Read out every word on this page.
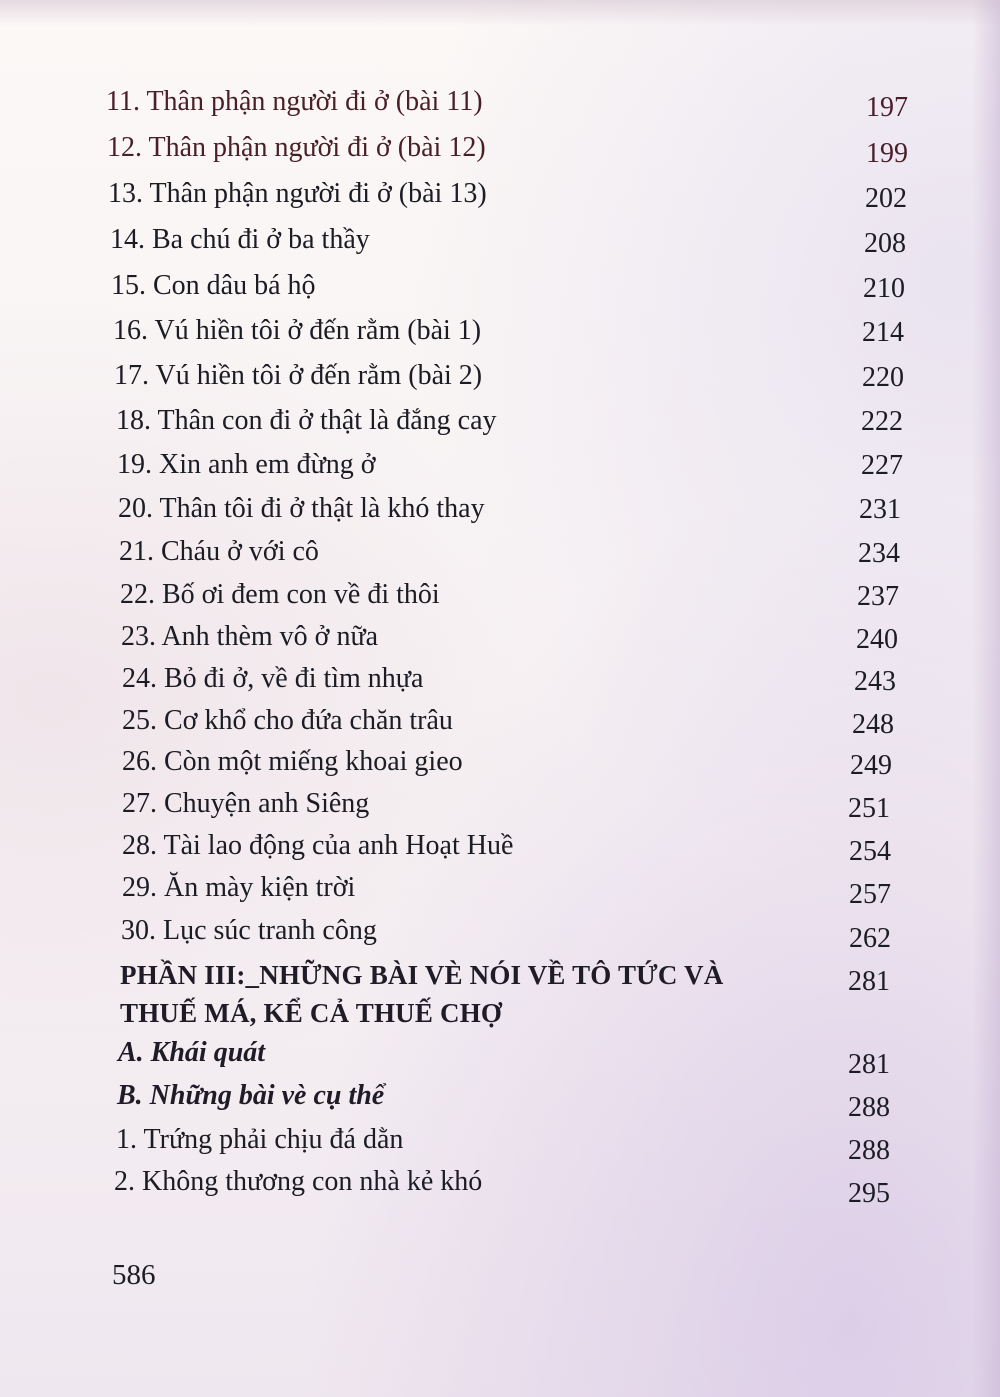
11. Thân phận người đi ở (bài 11)	197
12. Thân phận người đi ở (bài 12)	199
13. Thân phận người đi ở (bài 13)	202
14. Ba chú đi ở ba thầy	208
15. Con dâu bá hộ	210
16. Vú hiền tôi ở đến rằm (bài 1)	214
17. Vú hiền tôi ở đến rằm (bài 2)	220
18. Thân con đi ở thật là đắng cay	222
19. Xin anh em đừng ở	227
20. Thân tôi đi ở thật là khó thay	231
21. Cháu ở với cô	234
22. Bố ơi đem con về đi thôi	237
23. Anh thèm vô ở nữa	240
24. Bỏ đi ở, về đi tìm nhựa	243
25. Cơ khổ cho đứa chăn trâu	248
26. Còn một miếng khoai gieo	249
27. Chuyện anh Siêng	251
28. Tài lao động của anh Hoạt Huề	254
29. Ăn mày kiện trời	257
30. Lục súc tranh công	262
PHẦN III:_NHỮNG BÀI VÈ NÓI VỀ TÔ TỨC VÀ	281
THUẾ MÁ, KỂ CẢ THUẾ CHỢ
A. Khái quát	281
B. Những bài vè cụ thể	288
1. Trứng phải chịu đá dằn	288
2. Không thương con nhà kẻ khó	295
586
